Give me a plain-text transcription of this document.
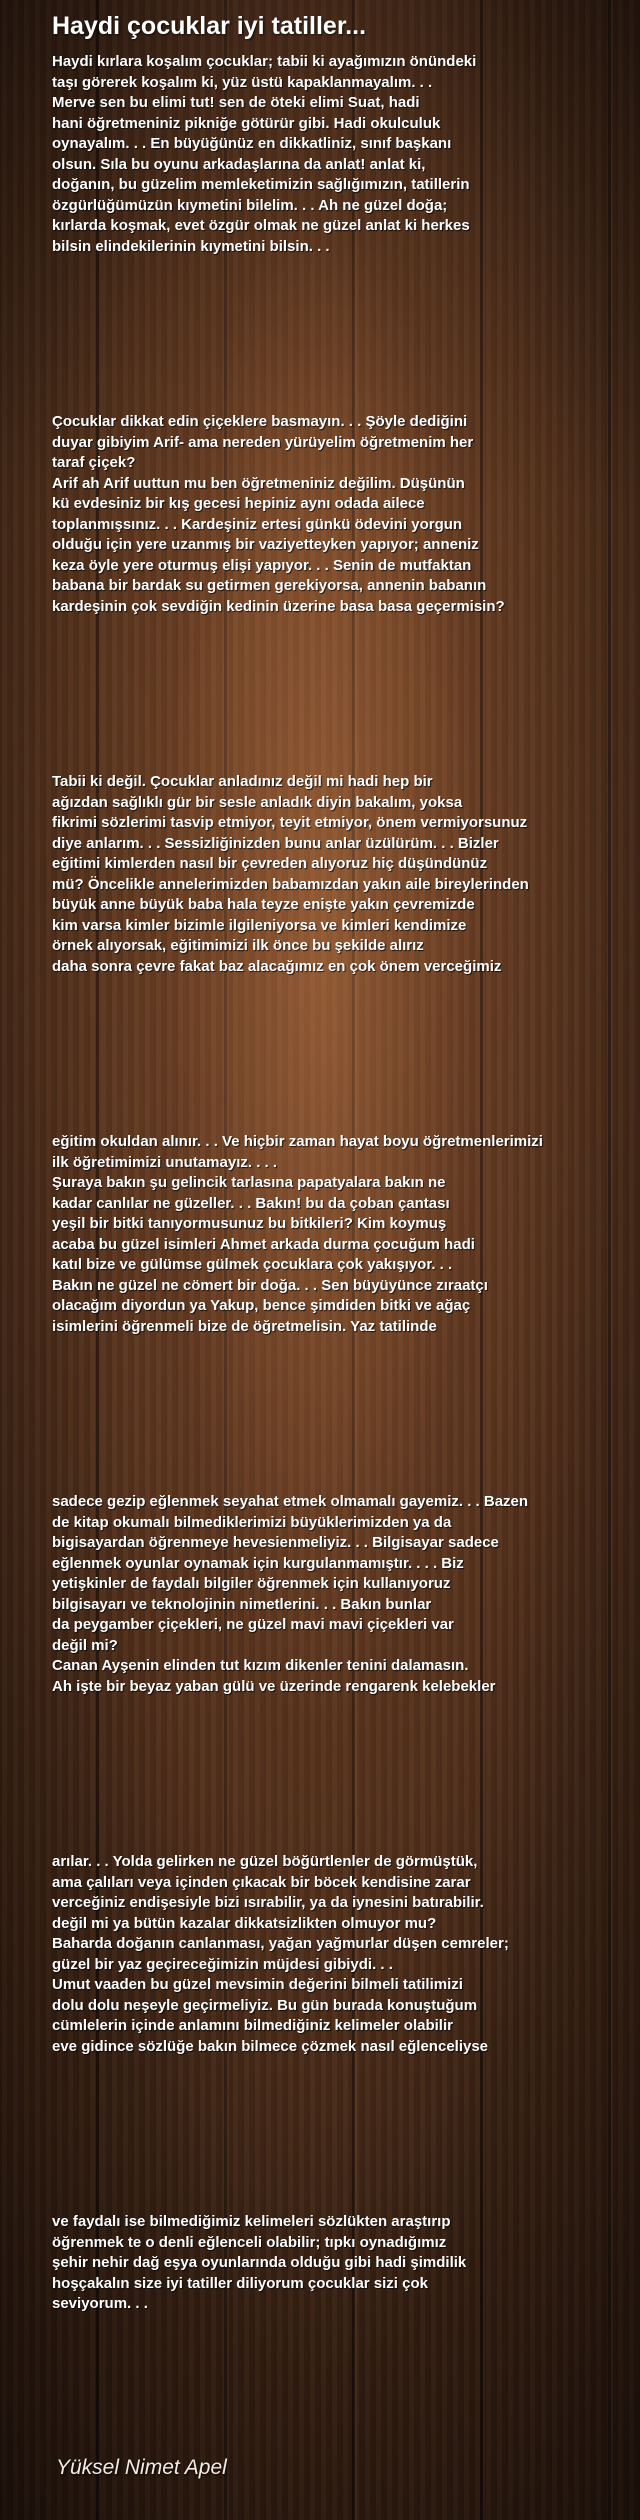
Haydi çocuklar iyi tatiller...
Haydi kırlara koşalım çocuklar; tabii ki ayağımızın önündeki
taşı görerek koşalım ki, yüz üstü kapaklanmayalım. . .
Merve sen bu elimi tut! sen de öteki elimi Suat, hadi
hani öğretmeniniz pikniğe götürür gibi. Hadi okulculuk
oynayalım. . . En büyüğünüz en dikkatliniz, sınıf başkanı
olsun. Sıla bu oyunu arkadaşlarına da anlat! anlat ki,
doğanın, bu güzelim memleketimizin sağlığımızın, tatillerin
özgürlüğümüzün kıymetini bilelim. . . Ah ne güzel doğa;
kırlarda koşmak, evet özgür olmak ne güzel anlat ki herkes
bilsin elindekilerinin kıymetini bilsin. . .
Çocuklar dikkat edin çiçeklere basmayın. . . Şöyle dediğini
duyar gibiyim Arif- ama nereden yürüyelim öğretmenim her
taraf çiçek?
Arif ah Arif uuttun mu ben öğretmeniniz değilim. Düşünün
kü evdesiniz bir kış gecesi hepiniz aynı odada ailece
toplanmışsınız. . . Kardeşiniz ertesi günkü ödevini yorgun
olduğu için yere uzanmış bir vaziyetteyken yapıyor; anneniz
keza öyle yere oturmuş elişi yapıyor. . . Senin de mutfaktan
babana bir bardak su getirmen gerekiyorsa, annenin babanın
kardeşinin çok sevdiğin kedinin üzerine basa basa geçermisin?
Tabii ki değil. Çocuklar anladınız değil mi hadi hep bir
ağızdan sağlıklı gür bir sesle anladık diyin bakalım, yoksa
fikrimi sözlerimi tasvip etmiyor, teyit etmiyor, önem vermiyorsunuz
diye anlarım. . . Sessizliğinizden bunu anlar üzülürüm. . . Bizler
eğitimi kimlerden nasıl bir çevreden alıyoruz hiç düşündünüz
mü? Öncelikle annelerimizden babamızdan yakın aile bireylerinden
büyük anne büyük baba hala teyze enişte yakın çevremizde
kim varsa kimler bizimle ilgileniyorsa ve kimleri kendimize
örnek alıyorsak, eğitimimizi ilk önce bu şekilde alırız
daha sonra çevre fakat baz alacağımız en çok önem verceğimiz
eğitim okuldan alınır. . . Ve hiçbir zaman hayat boyu öğretmenlerimizi
ilk öğretimimizi unutamayız. . . .
Şuraya bakın şu gelincik tarlasına papatyalara bakın ne
kadar canlılar ne güzeller. . . Bakın! bu da çoban çantası
yeşil bir bitki tanıyormusunuz bu bitkileri? Kim koymuş
acaba bu güzel isimleri Ahmet arkada durma çocuğum hadi
katıl bize ve gülümse gülmek çocuklara çok yakışıyor. . .
Bakın ne güzel ne cömert bir doğa. . . Sen büyüyünce zıraatçı
olacağım diyordun ya Yakup, bence şimdiden bitki ve ağaç
isimlerini öğrenmeli bize de öğretmelisin. Yaz tatilinde
sadece gezip eğlenmek seyahat etmek olmamalı gayemiz. . . Bazen
de kitap okumalı bilmediklerimizi büyüklerimizden ya da
bigisayardan öğrenmeye hevesienmeliyiz. . . Bilgisayar sadece
eğlenmek oyunlar oynamak için kurgulanmamıştır. . . . Biz
yetişkinler de faydalı bilgiler öğrenmek için kullanıyoruz
bilgisayarı ve teknolojinin nimetlerini. . . Bakın bunlar
da peygamber çiçekleri, ne güzel mavi mavi çiçekleri var
değil mi?
Canan Ayşenin elinden tut kızım dikenler tenini dalamasın.
Ah işte bir beyaz yaban gülü ve üzerinde rengarenk kelebekler
arılar. . . Yolda gelirken ne güzel böğürtlenler de görmüştük,
ama çalıları veya içinden çıkacak bir böcek kendisine zarar
verceğiniz endişesiyle bizi ısırabilir, ya da iynesini batırabilir.
değil mi ya bütün kazalar dikkatsizlikten olmuyor mu?
Baharda doğanın canlanması, yağan yağmurlar düşen cemreler;
güzel bir yaz geçireceğimizin müjdesi gibiydi. . .
Umut vaaden bu güzel mevsimin değerini bilmeli tatilimizi
dolu dolu neşeyle geçirmeliyiz. Bu gün burada konuştuğum
cümlelerin içinde anlamını bilmediğiniz kelimeler olabilir
eve gidince sözlüğe bakın bilmece çözmek nasıl eğlenceliyse
ve faydalı ise bilmediğimiz kelimeleri sözlükten araştırıp
öğrenmek te o denli eğlenceli olabilir; tıpkı oynadığımız
şehir nehir dağ eşya oyunlarında olduğu gibi hadi şimdilik
hoşçakalın size iyi tatiller diliyorum çocuklar sizi çok
seviyorum. . .

Yüksel Nimet Apel
